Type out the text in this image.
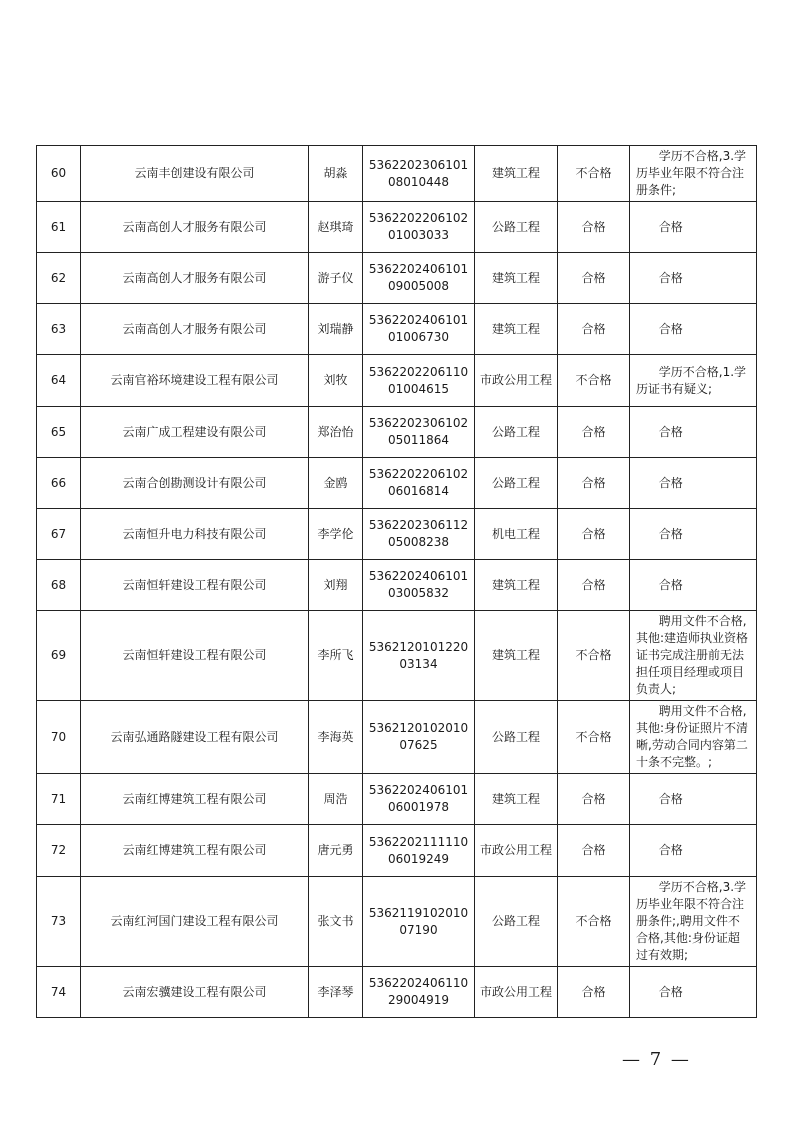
60	云南丰创建设有限公司	胡淼	536220230610108010448	建筑工程	不合格	学历不合格,3.学历毕业年限不符合注册条件;
61	云南高创人才服务有限公司	赵琪琦	536220220610201003033	公路工程	合格	合格
62	云南高创人才服务有限公司	游子仪	536220240610109005008	建筑工程	合格	合格
63	云南高创人才服务有限公司	刘瑞静	536220240610101006730	建筑工程	合格	合格
64	云南官裕环境建设工程有限公司	刘牧	536220220611001004615	市政公用工程	不合格	学历不合格,1.学历证书有疑义;
65	云南广成工程建设有限公司	郑治怡	536220230610205011864	公路工程	合格	合格
66	云南合创勘测设计有限公司	金鸥	536220220610206016814	公路工程	合格	合格
67	云南恒升电力科技有限公司	李学伦	536220230611205008238	机电工程	合格	合格
68	云南恒轩建设工程有限公司	刘翔	536220240610103005832	建筑工程	合格	合格
69	云南恒轩建设工程有限公司	李所飞	536212010122003134	建筑工程	不合格	聘用文件不合格,其他:建造师执业资格证书完成注册前无法担任项目经理或项目负责人;
70	云南弘通路隧建设工程有限公司	李海英	536212010201007625	公路工程	不合格	聘用文件不合格,其他:身份证照片不清晰,劳动合同内容第二十条不完整。;
71	云南红博建筑工程有限公司	周浩	536220240610106001978	建筑工程	合格	合格
72	云南红博建筑工程有限公司	唐元勇	536220211111006019249	市政公用工程	合格	合格
73	云南红河国门建设工程有限公司	张文书	536211910201007190	公路工程	不合格	学历不合格,3.学历毕业年限不符合注册条件;,聘用文件不合格,其他:身份证超过有效期;
74	云南宏骥建设工程有限公司	李泽琴	536220240611029004919	市政公用工程	合格	合格
— 7 —
